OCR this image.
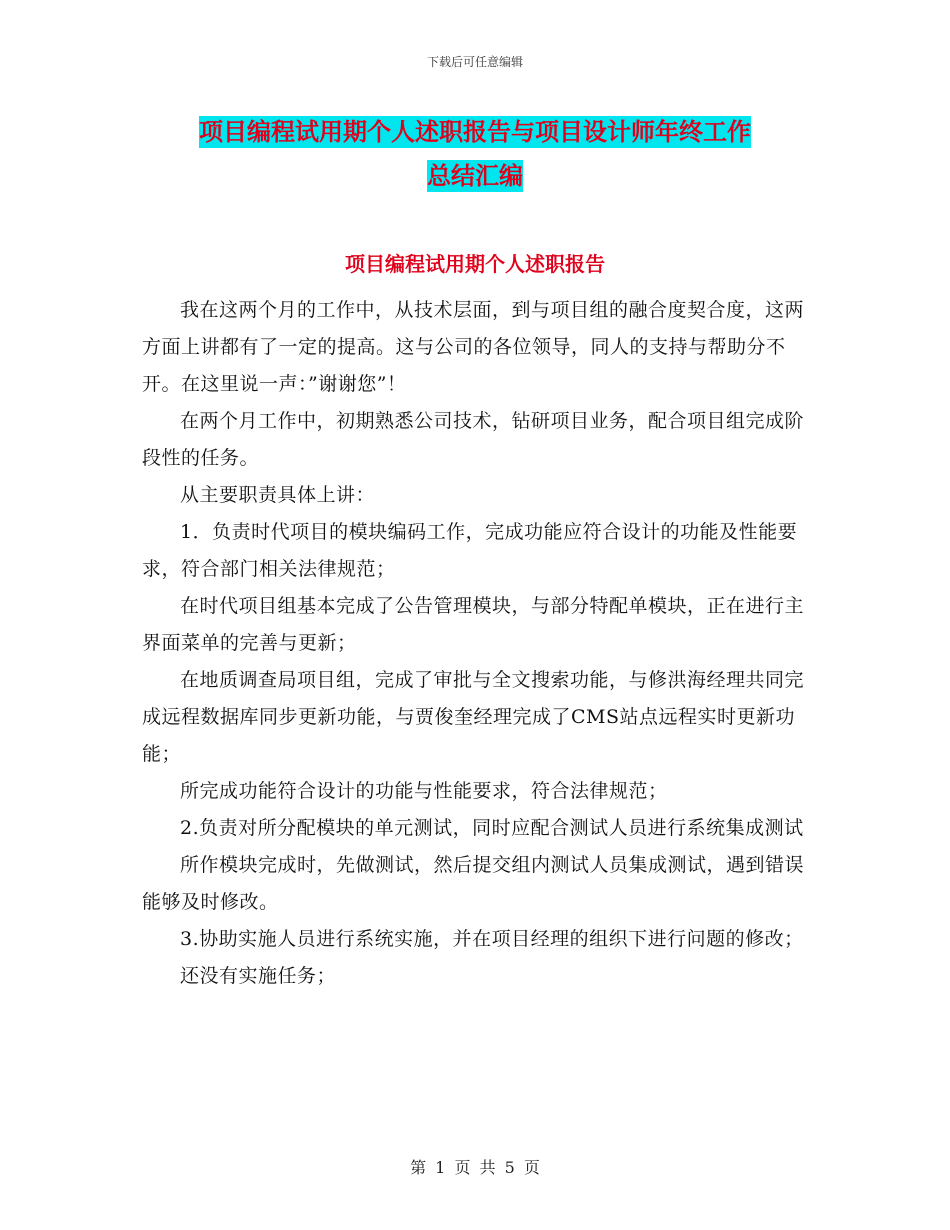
下载后可任意编辑
项目编程试用期个人述职报告与项目设计师年终工作
总结汇编
项目编程试用期个人述职报告

我在这两个月的工作中，从技术层面，到与项目组的融合度契合度，这两方面上讲都有了一定的提高。这与公司的各位领导，同人的支持与帮助分不开。在这里说一声：”谢谢您”！

在两个月工作中，初期熟悉公司技术，钻研项目业务，配合项目组完成阶段性的任务。

从主要职责具体上讲：

1．负责时代项目的模块编码工作，完成功能应符合设计的功能及性能要求，符合部门相关法律规范；

在时代项目组基本完成了公告管理模块，与部分特配单模块，正在进行主界面菜单的完善与更新；

在地质调查局项目组，完成了审批与全文搜索功能，与修洪海经理共同完成远程数据库同步更新功能，与贾俊奎经理完成了CMS站点远程实时更新功能；

所完成功能符合设计的功能与性能要求，符合法律规范；

2.负责对所分配模块的单元测试，同时应配合测试人员进行系统集成测试

所作模块完成时，先做测试，然后提交组内测试人员集成测试，遇到错误能够及时修改。

3.协助实施人员进行系统实施，并在项目经理的组织下进行问题的修改；

还没有实施任务；

第 1 页 共 5 页
